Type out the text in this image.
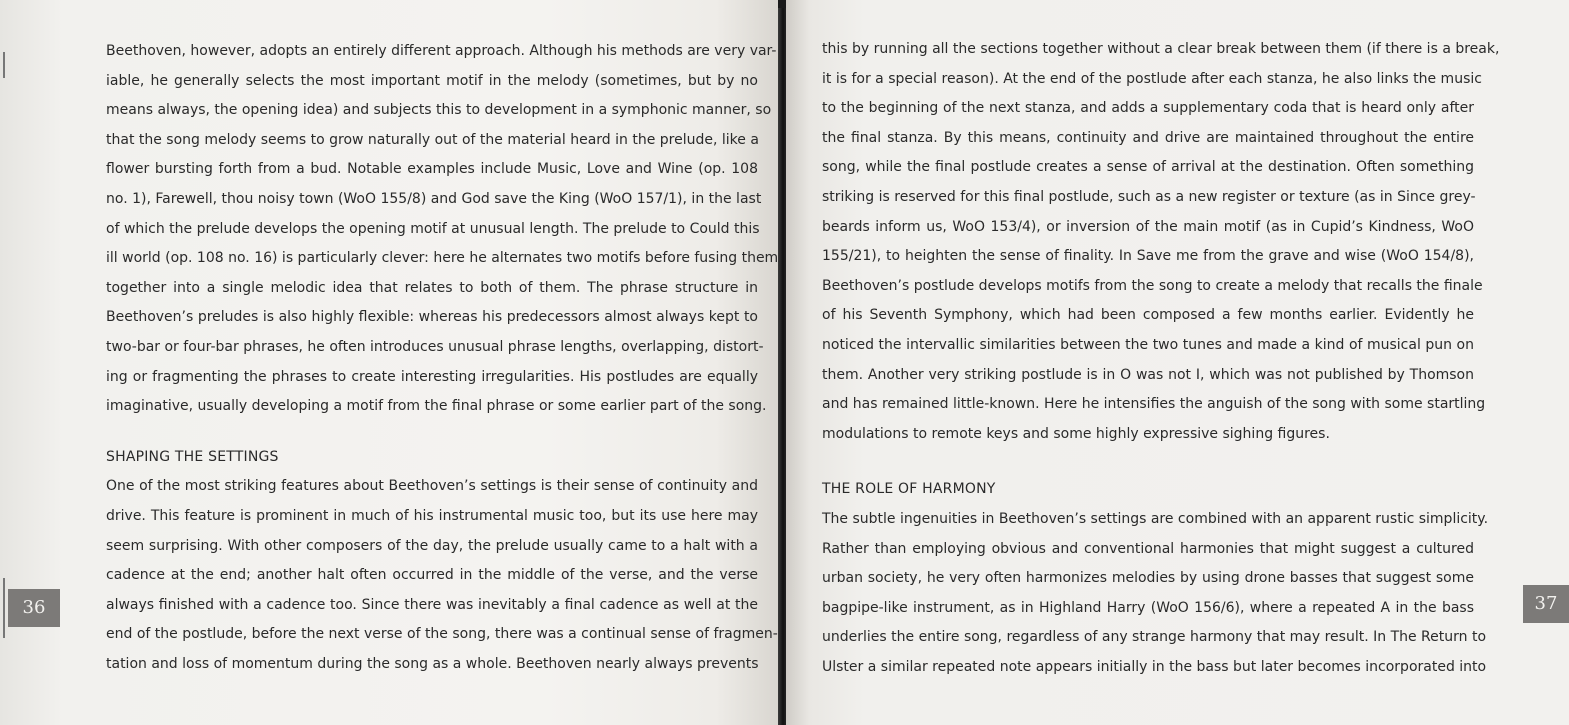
Beethoven, however, adopts an entirely different approach. Although his methods are very var-
iable, he generally selects the most important motif in the melody (sometimes, but by no
means always, the opening idea) and subjects this to development in a symphonic manner, so
that the song melody seems to grow naturally out of the material heard in the prelude, like a
flower bursting forth from a bud. Notable examples include Music, Love and Wine (op. 108
no. 1), Farewell, thou noisy town (WoO 155/8) and God save the King (WoO 157/1), in the last
of which the prelude develops the opening motif at unusual length. The prelude to Could this
ill world (op. 108 no. 16) is particularly clever: here he alternates two motifs before fusing them
together into a single melodic idea that relates to both of them. The phrase structure in
Beethoven’s preludes is also highly flexible: whereas his predecessors almost always kept to
two-bar or four-bar phrases, he often introduces unusual phrase lengths, overlapping, distort-
ing or fragmenting the phrases to create interesting irregularities. His postludes are equally
imaginative, usually developing a motif from the final phrase or some earlier part of the song.
SHAPING THE SETTINGS
One of the most striking features about Beethoven’s settings is their sense of continuity and
drive. This feature is prominent in much of his instrumental music too, but its use here may
seem surprising. With other composers of the day, the prelude usually came to a halt with a
cadence at the end; another halt often occurred in the middle of the verse, and the verse
always finished with a cadence too. Since there was inevitably a final cadence as well at the
end of the postlude, before the next verse of the song, there was a continual sense of fragmen-
tation and loss of momentum during the song as a whole. Beethoven nearly always prevents
36
this by running all the sections together without a clear break between them (if there is a break,
it is for a special reason). At the end of the postlude after each stanza, he also links the music
to the beginning of the next stanza, and adds a supplementary coda that is heard only after
the final stanza. By this means, continuity and drive are maintained throughout the entire
song, while the final postlude creates a sense of arrival at the destination. Often something
striking is reserved for this final postlude, such as a new register or texture (as in Since grey-
beards inform us, WoO 153/4), or inversion of the main motif (as in Cupid’s Kindness, WoO
155/21), to heighten the sense of finality. In Save me from the grave and wise (WoO 154/8),
Beethoven’s postlude develops motifs from the song to create a melody that recalls the finale
of his Seventh Symphony, which had been composed a few months earlier. Evidently he
noticed the intervallic similarities between the two tunes and made a kind of musical pun on
them. Another very striking postlude is in O was not I, which was not published by Thomson
and has remained little-known. Here he intensifies the anguish of the song with some startling
modulations to remote keys and some highly expressive sighing figures.
THE ROLE OF HARMONY
The subtle ingenuities in Beethoven’s settings are combined with an apparent rustic simplicity.
Rather than employing obvious and conventional harmonies that might suggest a cultured
urban society, he very often harmonizes melodies by using drone basses that suggest some
bagpipe-like instrument, as in Highland Harry (WoO 156/6), where a repeated A in the bass
underlies the entire song, regardless of any strange harmony that may result. In The Return to
Ulster a similar repeated note appears initially in the bass but later becomes incorporated into
37
